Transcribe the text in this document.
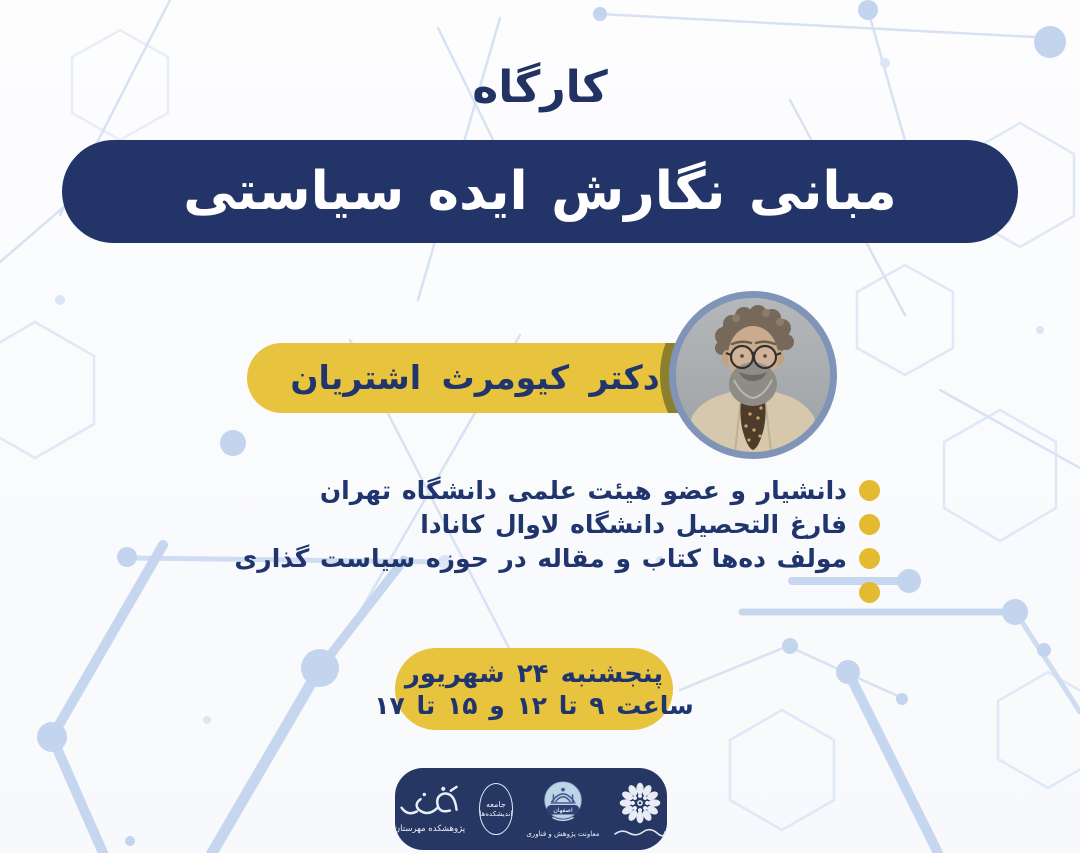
کارگاه
مبانی نگارش ایده سیاستی
دکتر کیومرث اشتریان
دانشیار و عضو هیئت علمی دانشگاه تهران
فارغ التحصیل دانشگاه لاوال کانادا
مولف ده‌ها کتاب و مقاله در حوزه سیاست گذاری
پنجشنبه ۲۴ شهریور
ساعت ۹ تا ۱۲ و ۱۵ تا ۱۷
پژوهشکده مهرستان
جامعه
اندیشکده‌ها	اصفهان
معاونت پژوهش و فناوری
